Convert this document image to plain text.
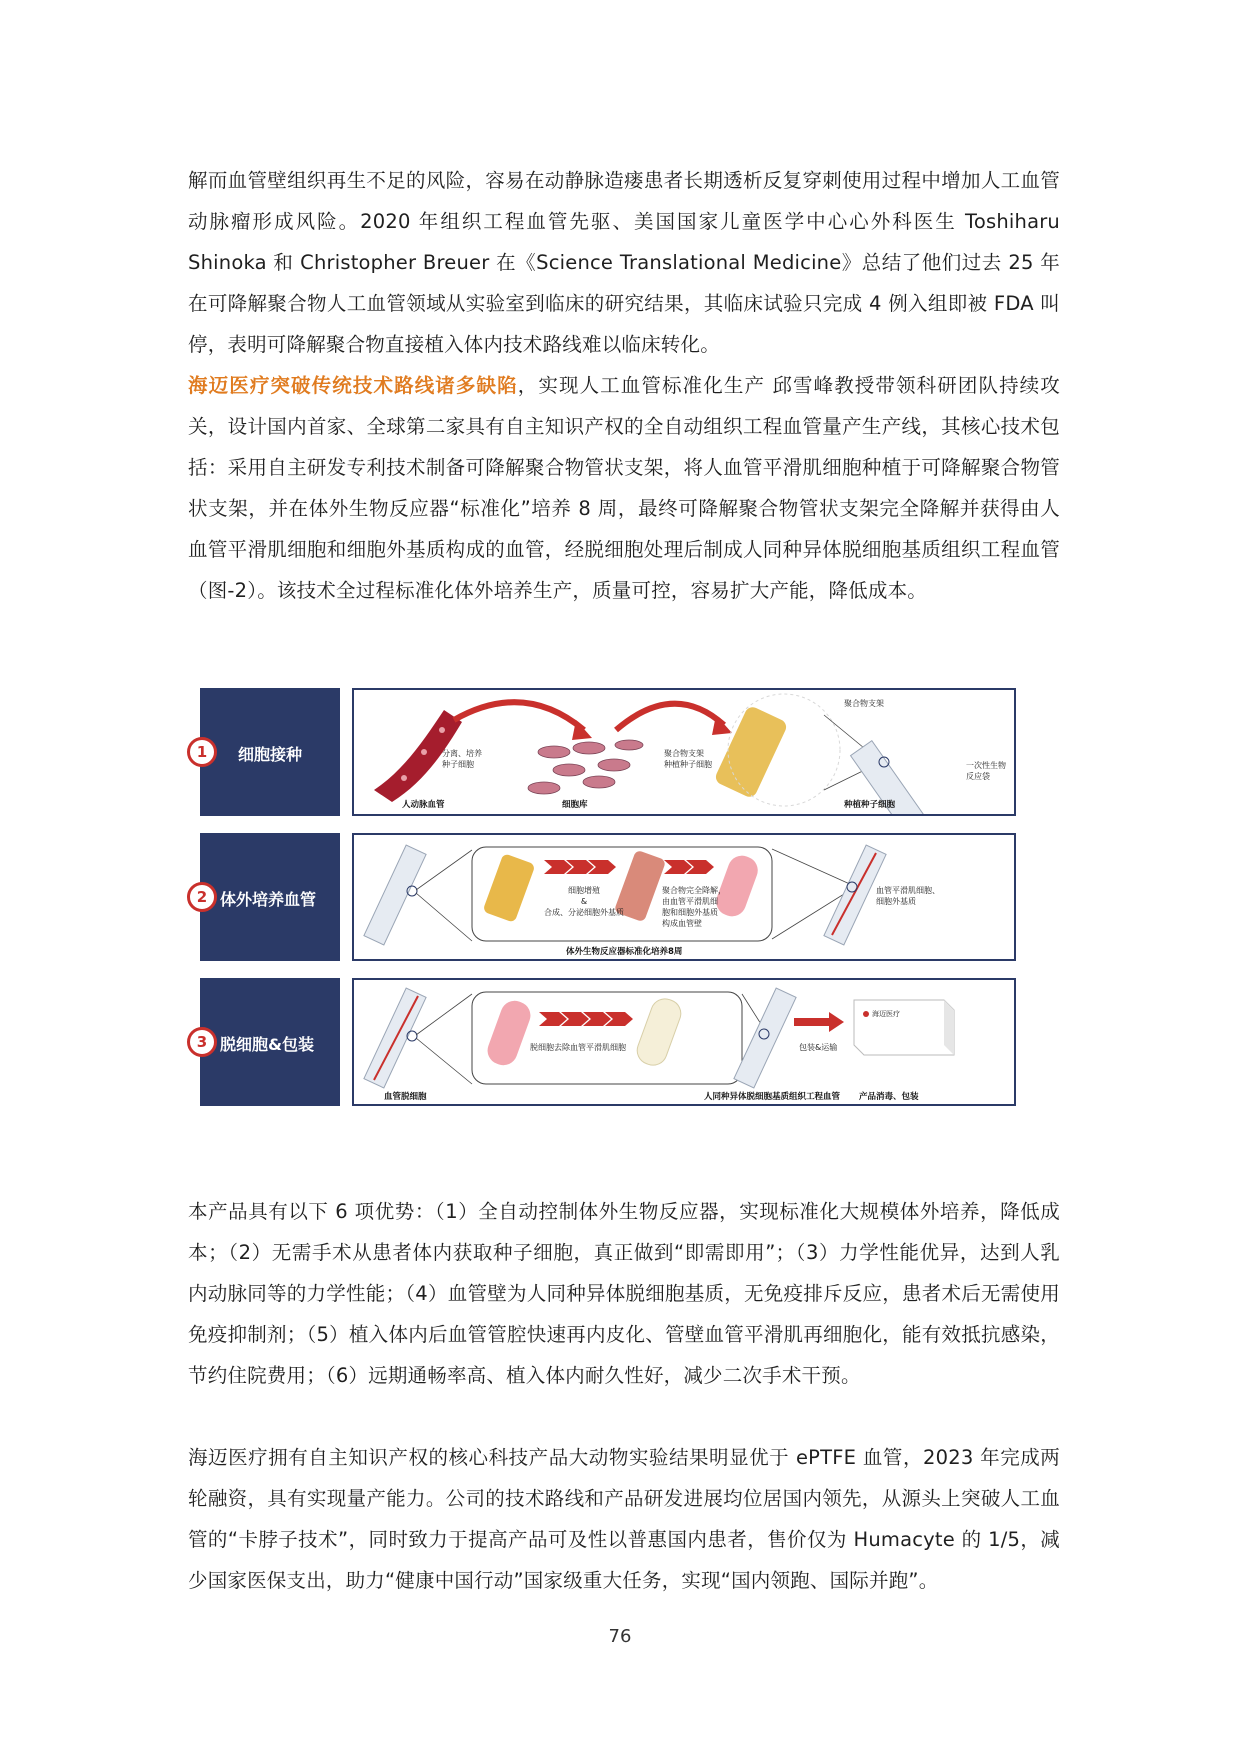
解而血管壁组织再生不足的风险，容易在动静脉造瘘患者长期透析反复穿刺使用过程中增加人工血管动脉瘤形成风险。2020 年组织工程血管先驱、美国国家儿童医学中心心外科医生 Toshiharu Shinoka 和 Christopher Breuer 在《Science Translational Medicine》总结了他们过去 25 年在可降解聚合物人工血管领域从实验室到临床的研究结果，其临床试验只完成 4 例入组即被 FDA 叫停，表明可降解聚合物直接植入体内技术路线难以临床转化。

海迈医疗突破传统技术路线诸多缺陷，实现人工血管标准化生产 邱雪峰教授带领科研团队持续攻关，设计国内首家、全球第二家具有自主知识产权的全自动组织工程血管量产生产线，其核心技术包括：采用自主研发专利技术制备可降解聚合物管状支架，将人血管平滑肌细胞种植于可降解聚合物管状支架，并在体外生物反应器“标准化”培养 8 周，最终可降解聚合物管状支架完全降解并获得由人血管平滑肌细胞和细胞外基质构成的血管，经脱细胞处理后制成人同种异体脱细胞基质组织工程血管（图-2）。该技术全过程标准化体外培养生产，质量可控，容易扩大产能，降低成本。

1	细胞接种
2 体外培养血管
3 脱细胞&包装
人动脉血管
分离、培养
种子细胞
细胞库
聚合物支架
种植种子细胞
种植种子细胞
聚合物支架
一次性生物
反应袋
细胞增殖
&
合成、分泌细胞外基质
聚合物完全降解，
由血管平滑肌细
胞和细胞外基质
构成血管壁
血管平滑肌细胞、
细胞外基质
体外生物反应器标准化培养8周
脱细胞去除血管平滑肌细胞	包装&运输
海迈医疗
血管脱细胞	人同种异体脱细胞基质组织工程血管 产品消毒、包装

本产品具有以下 6 项优势：（1）全自动控制体外生物反应器，实现标准化大规模体外培养，降低成本；（2）无需手术从患者体内获取种子细胞，真正做到“即需即用”；（3）力学性能优异，达到人乳内动脉同等的力学性能；（4）血管壁为人同种异体脱细胞基质，无免疫排斥反应，患者术后无需使用免疫抑制剂；（5）植入体内后血管管腔快速再内皮化、管壁血管平滑肌再细胞化，能有效抵抗感染，节约住院费用；（6）远期通畅率高、植入体内耐久性好，减少二次手术干预。

海迈医疗拥有自主知识产权的核心科技产品大动物实验结果明显优于 ePTFE 血管，2023 年完成两轮融资，具有实现量产能力。公司的技术路线和产品研发进展均位居国内领先，从源头上突破人工血管的“卡脖子技术”，同时致力于提高产品可及性以普惠国内患者，售价仅为 Humacyte 的 1/5，减少国家医保支出，助力“健康中国行动”国家级重大任务，实现“国内领跑、国际并跑”。

76
